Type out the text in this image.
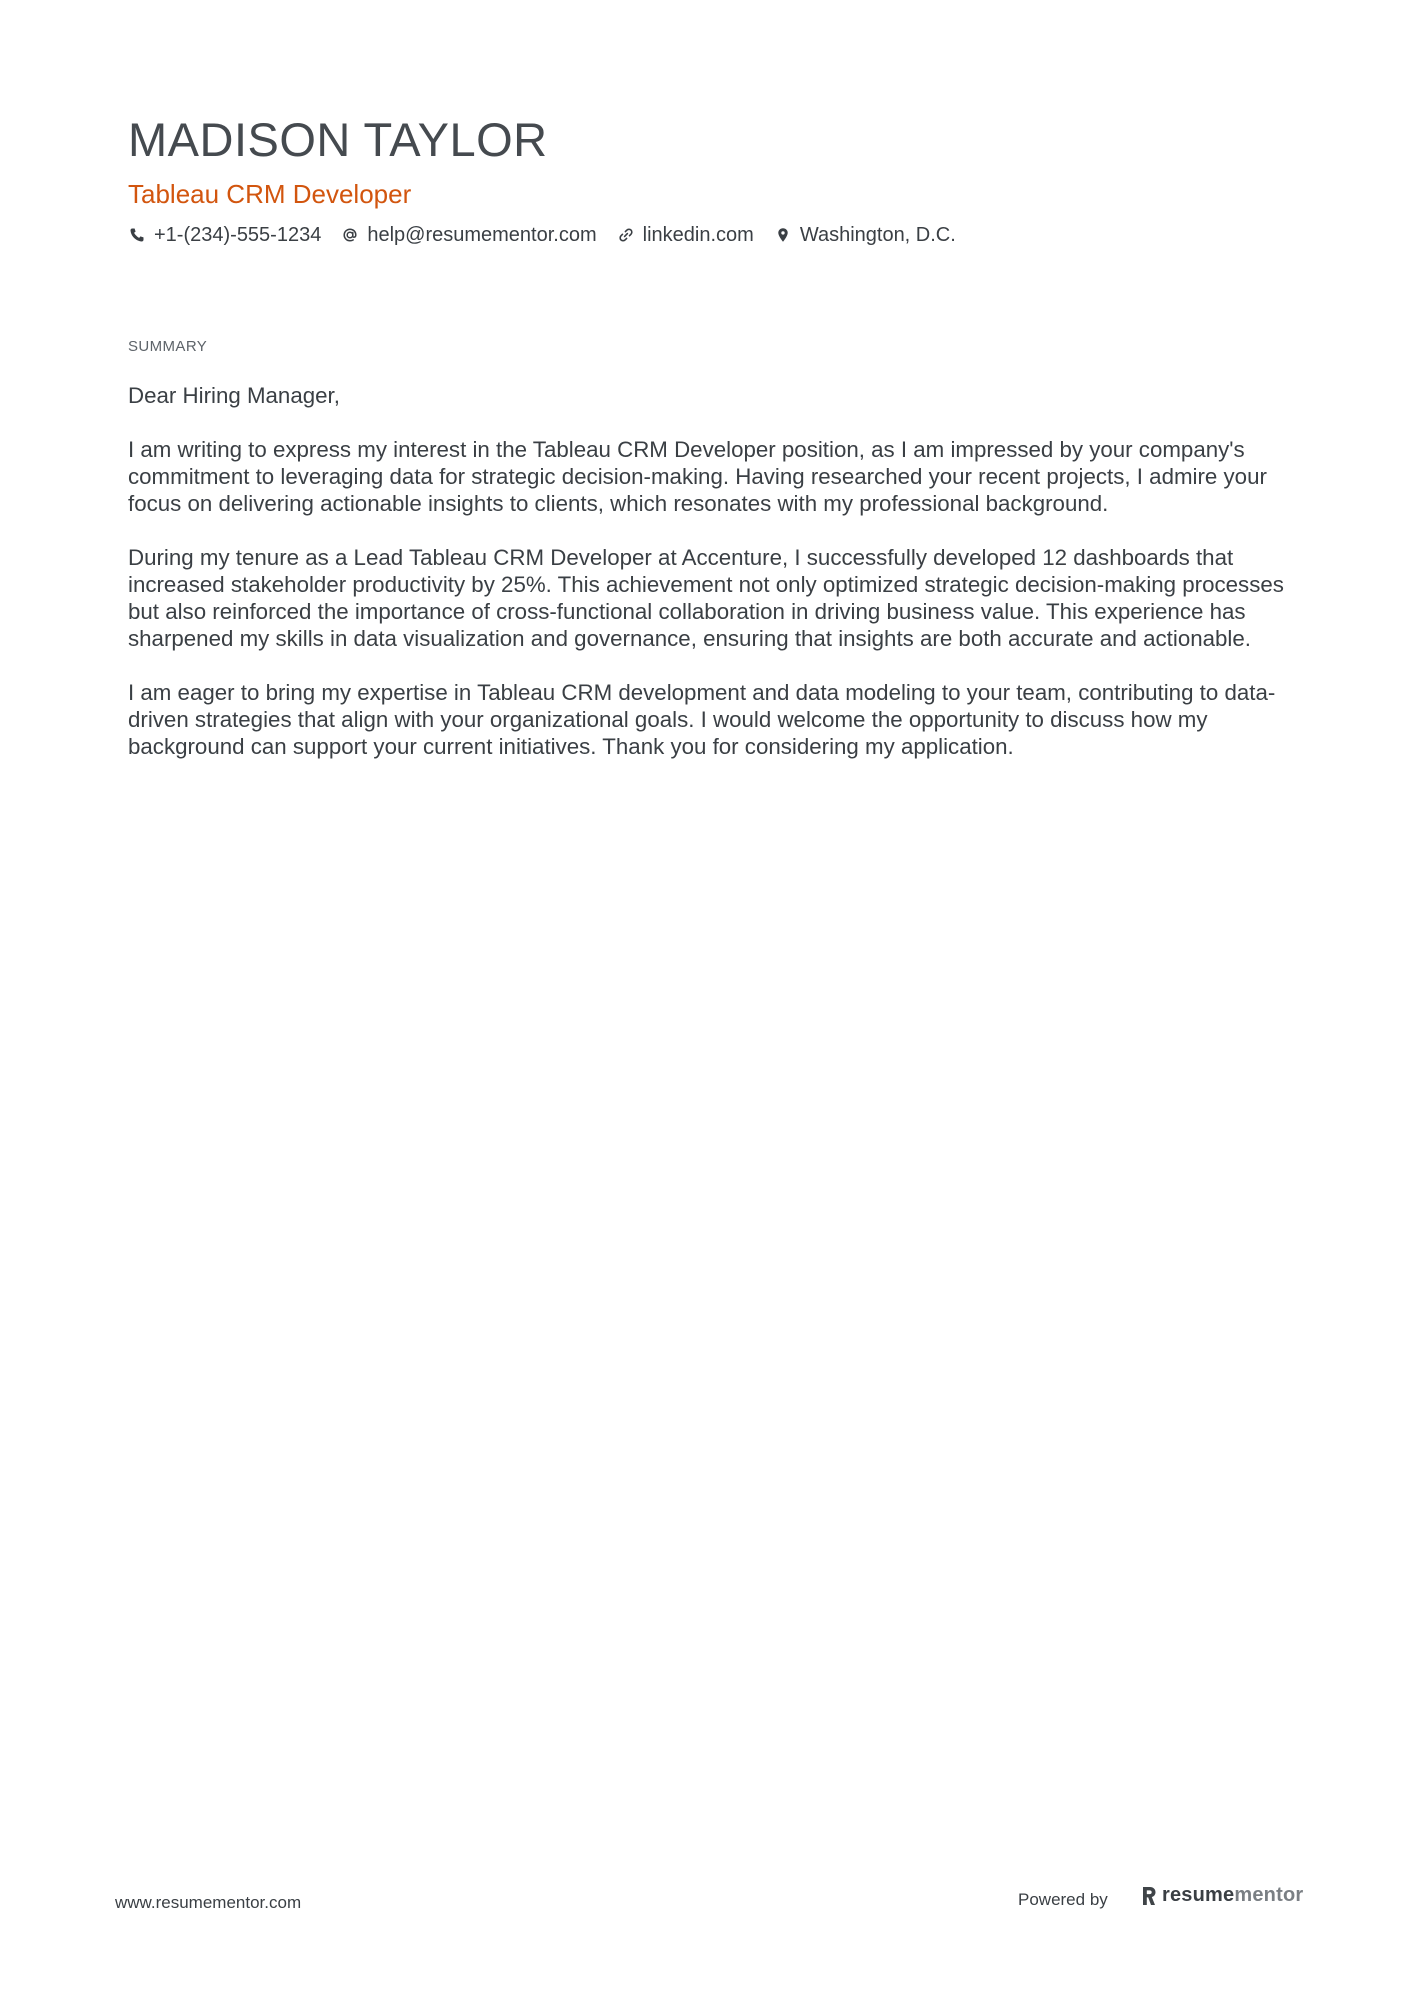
MADISON TAYLOR
Tableau CRM Developer
+1-(234)-555-1234 help@resumementor.com linkedin.com Washington, D.C.
SUMMARY

Dear Hiring Manager,

I am writing to express my interest in the Tableau CRM Developer position, as I am impressed by your company's commitment to leveraging data for strategic decision-making. Having researched your recent projects, I admire your focus on delivering actionable insights to clients, which resonates with my professional background.

During my tenure as a Lead Tableau CRM Developer at Accenture, I successfully developed 12 dashboards that increased stakeholder productivity by 25%. This achievement not only optimized strategic decision-making processes but also reinforced the importance of cross-functional collaboration in driving business value. This experience has sharpened my skills in data visualization and governance, ensuring that insights are both accurate and actionable.

I am eager to bring my expertise in Tableau CRM development and data modeling to your team, contributing to data-driven strategies that align with your organizational goals. I would welcome the opportunity to discuss how my background can support your current initiatives. Thank you for considering my application.

www.resumementor.com	Powered by	resume mentor
